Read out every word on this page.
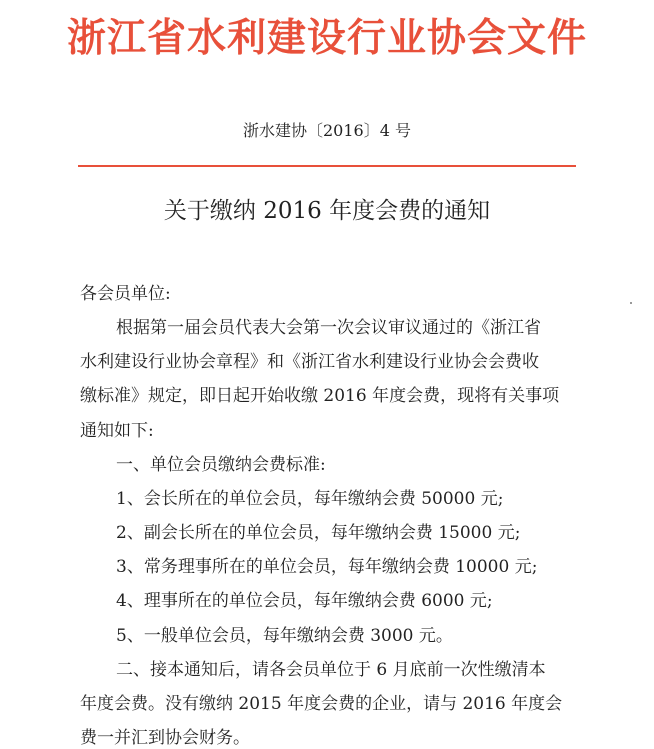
浙江省水利建设行业协会文件
浙水建协〔2016〕4 号
关于缴纳 2016 年度会费的通知
各会员单位:
根据第一届会员代表大会第一次会议审议通过的《浙江省
水利建设行业协会章程》和《浙江省水利建设行业协会会费收
缴标准》规定，即日起开始收缴 2016 年度会费，现将有关事项
通知如下:
一、单位会员缴纳会费标准:
1、会长所在的单位会员，每年缴纳会费 50000 元;
2、副会长所在的单位会员，每年缴纳会费 15000 元;
3、常务理事所在的单位会员，每年缴纳会费 10000 元;
4、理事所在的单位会员，每年缴纳会费 6000 元;
5、一般单位会员，每年缴纳会费 3000 元。
二、接本通知后，请各会员单位于 6 月底前一次性缴清本
年度会费。没有缴纳 2015 年度会费的企业，请与 2016 年度会
费一并汇到协会财务。
